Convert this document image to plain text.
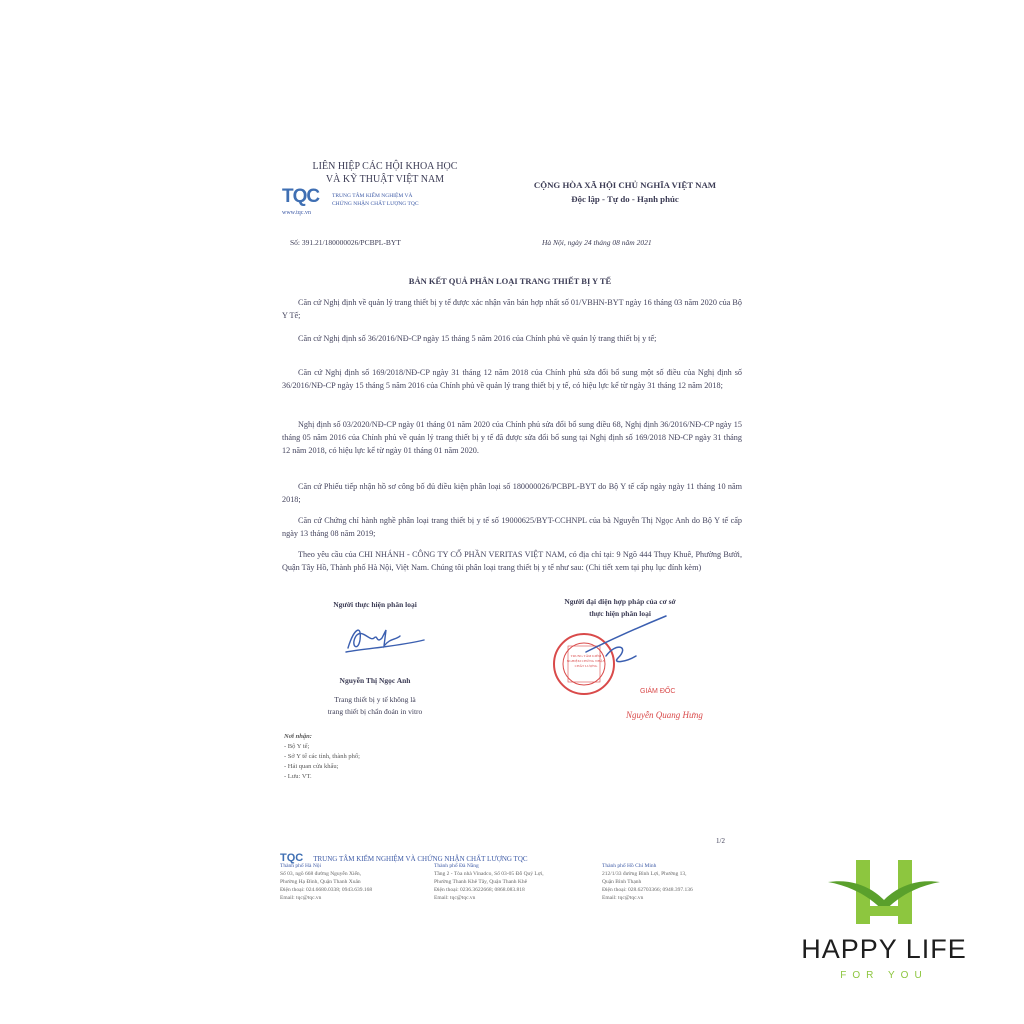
LIÊN HIỆP CÁC HỘI KHOA HỌC
VÀ KỸ THUẬT VIỆT NAM
TQC TRUNG TÂM KIỂM NGHIỆM VÀ
CHỨNG NHẬN CHẤT LƯỢNG TQC
www.tqc.vn
CỘNG HÒA XÃ HỘI CHỦ NGHĨA VIỆT NAM
Độc lập - Tự do - Hạnh phúc
Số: 391.21/180000026/PCBPL-BYT	Hà Nội, ngày 24 tháng 08 năm 2021
BẢN KẾT QUẢ PHÂN LOẠI TRANG THIẾT BỊ Y TẾ
Căn cứ Nghị định về quản lý trang thiết bị y tế được xác nhận văn bản hợp nhất số 01/VBHN-BYT ngày 16 tháng 03 năm 2020 của Bộ Y Tế;
Căn cứ Nghị định số 36/2016/NĐ-CP ngày 15 tháng 5 năm 2016 của Chính phủ về quản lý trang thiết bị y tế;
Căn cứ Nghị định số 169/2018/NĐ-CP ngày 31 tháng 12 năm 2018 của Chính phủ sửa đổi bổ sung một số điều của Nghị định số 36/2016/NĐ-CP ngày 15 tháng 5 năm 2016 của Chính phủ về quản lý trang thiết bị y tế, có hiệu lực kể từ ngày 31 tháng 12 năm 2018;
Nghị định số 03/2020/NĐ-CP ngày 01 tháng 01 năm 2020 của Chính phủ sửa đổi bổ sung điều 68, Nghị định 36/2016/NĐ-CP ngày 15 tháng 05 năm 2016 của Chính phủ về quản lý trang thiết bị y tế đã được sửa đổi bổ sung tại Nghị định số 169/2018 NĐ-CP ngày 31 tháng 12 năm 2018, có hiệu lực kể từ ngày 01 tháng 01 năm 2020.
Căn cứ Phiếu tiếp nhận hồ sơ công bố đủ điều kiện phân loại số 180000026/PCBPL-BYT do Bộ Y tế cấp ngày ngày 11 tháng 10 năm 2018;
Căn cứ Chứng chỉ hành nghề phân loại trang thiết bị y tế số 19000625/BYT-CCHNPL của bà Nguyễn Thị Ngọc Anh do Bộ Y tế cấp ngày 13 tháng 08 năm 2019;
Theo yêu cầu của CHI NHÁNH - CÔNG TY CỔ PHẦN VERITAS VIỆT NAM, có địa chỉ tại: 9 Ngõ 444 Thụy Khuê, Phường Bưởi, Quận Tây Hồ, Thành phố Hà Nội, Việt Nam. Chúng tôi phân loại trang thiết bị y tế như sau: (Chi tiết xem tại phụ lục đính kèm)
Người thực hiện phân loại
Nguyễn Thị Ngọc Anh
Trang thiết bị y tế không là
trang thiết bị chẩn đoán in vitro
Người đại diện hợp pháp của cơ sở
thực hiện phân loại
TRUNG TÂM KIỂM NGHIỆM CHỨNG NHẬN CHẤT LƯỢNG
GIÁM ĐỐC
Nguyễn Quang Hưng
Nơi nhận:
- Bộ Y tế;
- Sở Y tế các tỉnh, thành phố;
- Hải quan cửa khẩu;
- Lưu: VT.
1/2
TQC TRUNG TÂM KIỂM NGHIỆM VÀ CHỨNG NHẬN CHẤT LƯỢNG TQC
Thành phố Hà Nội
Số 03, ngõ 668 đường Nguyễn Xiển,
Phường Hạ Đình, Quận Thanh Xuân
Điện thoại: 024.6680.0338; 0943.639.168
Email: tqc@tqc.vn
Thành phố Đà Nẵng
Tầng 2 - Tòa nhà Vinadco, Số 03-05 Đỗ Quý Lợi,
Phường Thanh Khê Tây, Quận Thanh Khê
Điện thoại: 0236.3622668; 0868.083.818
Email: tqc@tqc.vn
Thành phố Hồ Chí Minh
212/1/33 đường Bình Lợi, Phường 13,
Quận Bình Thạnh
Điện thoại: 028.62703366; 0948.397.136
Email: tqc@tqc.vn
HAPPY LIFE
FOR YOU
